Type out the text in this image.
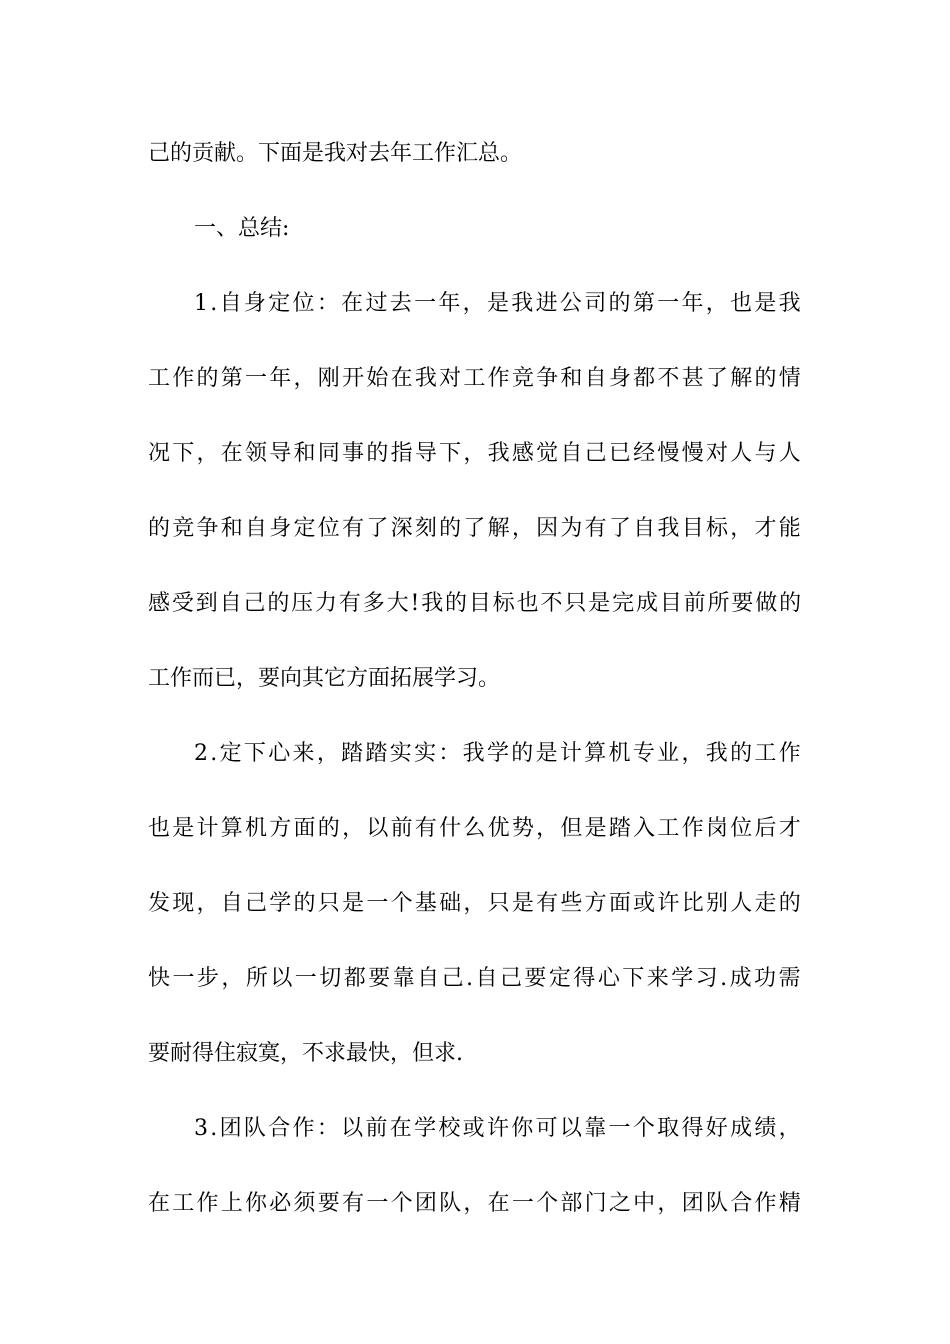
己的贡献。下面是我对去年工作汇总。
一、总结:
1.自身定位：在过去一年，是我进公司的第一年，也是我
工作的第一年，刚开始在我对工作竞争和自身都不甚了解的情
况下，在领导和同事的指导下，我感觉自己已经慢慢对人与人
的竞争和自身定位有了深刻的了解，因为有了自我目标，才能
感受到自己的压力有多大!我的目标也不只是完成目前所要做的
工作而已，要向其它方面拓展学习。
2.定下心来，踏踏实实：我学的是计算机专业，我的工作
也是计算机方面的，以前有什么优势，但是踏入工作岗位后才
发现，自己学的只是一个基础，只是有些方面或许比别人走的
快一步，所以一切都要靠自己.自己要定得心下来学习.成功需
要耐得住寂寞，不求最快，但求.
3.团队合作：以前在学校或许你可以靠一个取得好成绩，
在工作上你必须要有一个团队，在一个部门之中，团队合作精
